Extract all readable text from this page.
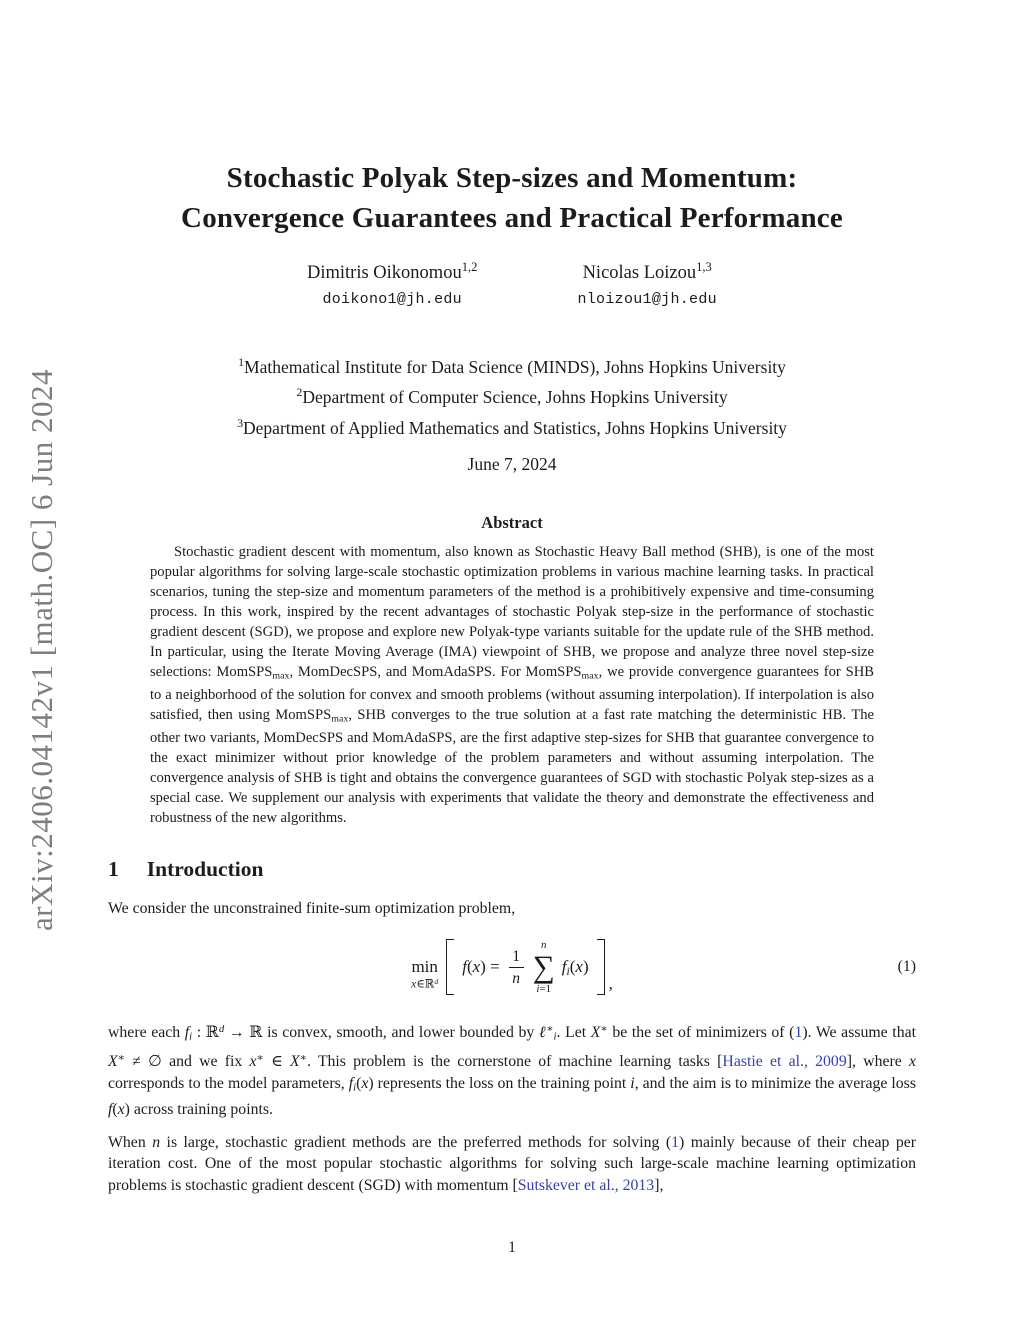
arXiv:2406.04142v1 [math.OC] 6 Jun 2024
Stochastic Polyak Step-sizes and Momentum:
Convergence Guarantees and Practical Performance
Dimitris Oikonomou$^{1,2}$
doikono1@jh.edu
Nicolas Loizou$^{1,3}$
nloizou1@jh.edu
$^1$Mathematical Institute for Data Science (MINDS), Johns Hopkins University
$^2$Department of Computer Science, Johns Hopkins University
$^3$Department of Applied Mathematics and Statistics, Johns Hopkins University
June 7, 2024
Abstract

Stochastic gradient descent with momentum, also known as Stochastic Heavy Ball method (SHB), is one of the most popular algorithms for solving large-scale stochastic optimization problems in various machine learning tasks. In practical scenarios, tuning the step-size and momentum parameters of the method is a prohibitively expensive and time-consuming process. In this work, inspired by the recent advantages of stochastic Polyak step-size in the performance of stochastic gradient descent (SGD), we propose and explore new Polyak-type variants suitable for the update rule of the SHB method. In particular, using the Iterate Moving Average (IMA) viewpoint of SHB, we propose and analyze three novel step-size selections: MomSPS$_{max}$, MomDecSPS, and MomAdaSPS. For MomSPS$_{max}$, we provide convergence guarantees for SHB to a neighborhood of the solution for convex and smooth problems (without assuming interpolation). If interpolation is also satisfied, then using MomSPS$_{max}$, SHB converges to the true solution at a fast rate matching the deterministic HB. The other two variants, MomDecSPS and MomAdaSPS, are the first adaptive step-sizes for SHB that guarantee convergence to the exact minimizer without prior knowledge of the problem parameters and without assuming interpolation. The convergence analysis of SHB is tight and obtains the convergence guarantees of SGD with stochastic Polyak step-sizes as a special case. We supplement our analysis with experiments that validate the theory and demonstrate the effectiveness and robustness of the new algorithms.

1 Introduction

We consider the unconstrained finite-sum optimization problem,

min
x∈ℝ$^d$
$f(x) = \frac{1}{n}$
n
∑
i=1
fi(x)
,
(1)

where each fi : ℝ$^d$ → ℝ is convex, smooth, and lower bounded by ℓ∗i. Let X∗ be the set of minimizers of (1). We assume that X∗ ≠ ∅ and we fix x∗ ∈ X∗. This problem is the cornerstone of machine learning tasks [Hastie et al., 2009], where x corresponds to the model parameters, fi(x) represents the loss on the training point i, and the aim is to minimize the average loss f(x) across training points.

When n is large, stochastic gradient methods are the preferred methods for solving (1) mainly because of their cheap per iteration cost. One of the most popular stochastic algorithms for solving such large-scale machine learning optimization problems is stochastic gradient descent (SGD) with momentum [Sutskever et al., 2013],

1
